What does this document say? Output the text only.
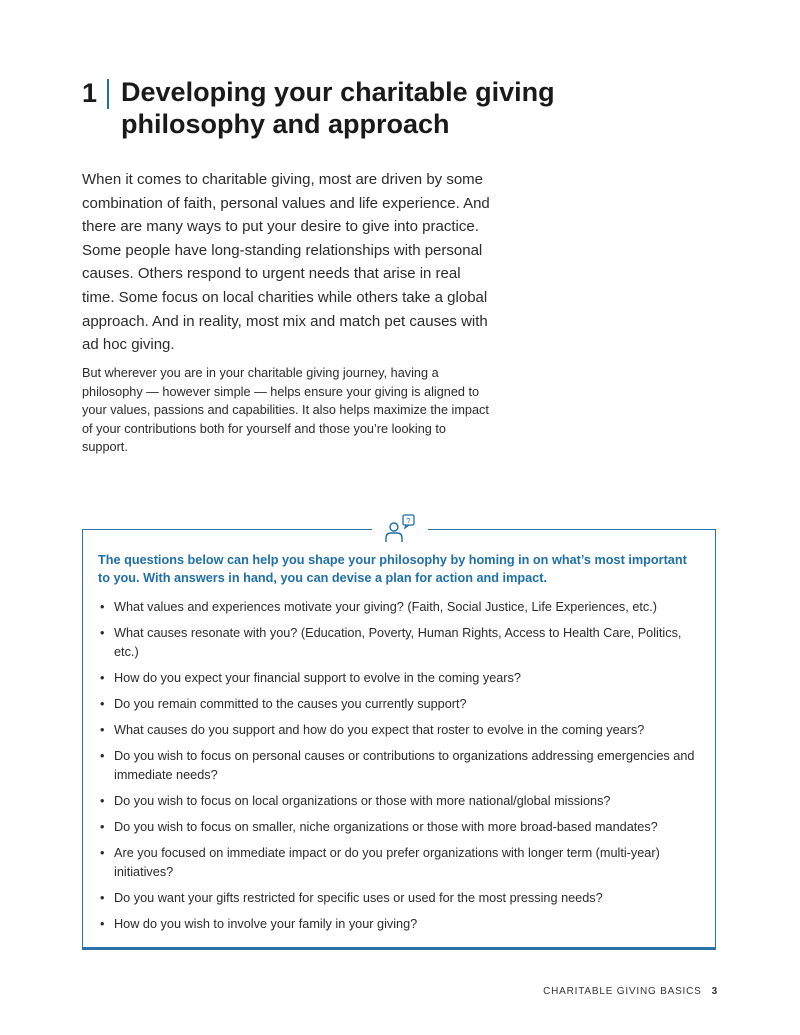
1 Developing your charitable giving philosophy and approach

When it comes to charitable giving, most are driven by some combination of faith, personal values and life experience. And there are many ways to put your desire to give into practice. Some people have long-standing relationships with personal causes. Others respond to urgent needs that arise in real time. Some focus on local charities while others take a global approach. And in reality, most mix and match pet causes with ad hoc giving.

But wherever you are in your charitable giving journey, having a philosophy — however simple — helps ensure your giving is aligned to your values, passions and capabilities. It also helps maximize the impact of your contributions both for yourself and those you’re looking to support.

?

The questions below can help you shape your philosophy by homing in on what’s most important to you. With answers in hand, you can devise a plan for action and impact.

• What values and experiences motivate your giving? (Faith, Social Justice, Life Experiences, etc.)
• What causes resonate with you? (Education, Poverty, Human Rights, Access to Health Care, Politics, etc.)
• How do you expect your financial support to evolve in the coming years?
• Do you remain committed to the causes you currently support?
• What causes do you support and how do you expect that roster to evolve in the coming years?
• Do you wish to focus on personal causes or contributions to organizations addressing emergencies and immediate needs?
• Do you wish to focus on local organizations or those with more national/global missions?
• Do you wish to focus on smaller, niche organizations or those with more broad-based mandates?
• Are you focused on immediate impact or do you prefer organizations with longer term (multi-year) initiatives?
• Do you want your gifts restricted for specific uses or used for the most pressing needs?
• How do you wish to involve your family in your giving?
CHARITABLE GIVING BASICS 3
